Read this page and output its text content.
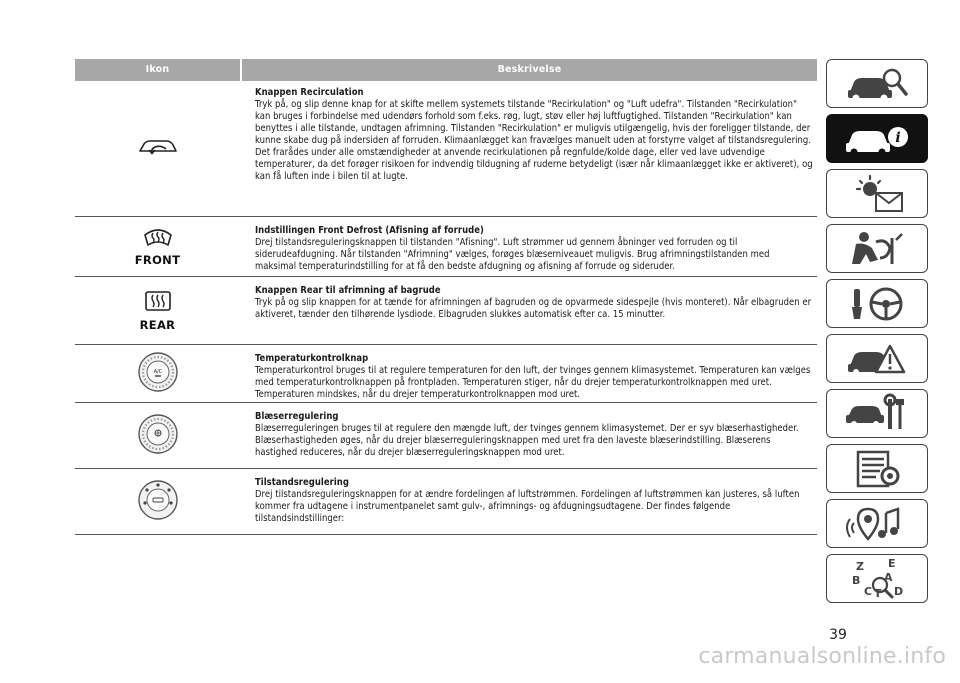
Ikon	Beskrivelse
Knappen Recirculation
Tryk på, og slip denne knap for at skifte mellem systemets tilstande "Recirkulation" og "Luft udefra". Tilstanden "Recirkulation" kan bruges i forbindelse med udendørs forhold som f.eks. røg, lugt, støv eller høj luftfugtighed. Tilstanden "Recirkulation" kan benyttes i alle tilstande, undtagen afrimning. Tilstanden "Recirkulation" er muligvis utilgængelig, hvis der foreligger tilstande, der kunne skabe dug på indersiden af forruden. Klimaanlægget kan fravælges manuelt uden at forstyrre valget af tilstandsregulering. Det frarådes under alle omstændigheder at anvende recirkulationen på regnfulde/kolde dage, eller ved lave udvendige temperaturer, da det forøger risikoen for indvendig tildugning af ruderne betydeligt (især når klimaanlægget ikke er aktiveret), og kan få luften inde i bilen til at lugte.
FRONT
Indstillingen Front Defrost (Afisning af forrude)
Drej tilstandsreguleringsknappen til tilstanden "Afisning". Luft strømmer ud gennem åbninger ved forruden og til siderudeafdugning. Når tilstanden "Afrimning" vælges, forøges blæserniveauet muligvis. Brug afrimningstilstanden med maksimal temperaturindstilling for at få den bedste afdugning og afisning af forrude og sideruder.
REAR
Knappen Rear til afrimning af bagrude
Tryk på og slip knappen for at tænde for afrimningen af bagruden og de opvarmede sidespejle (hvis monteret). Når elbagruden er aktiveret, tænder den tilhørende lysdiode. Elbagruden slukkes automatisk efter ca. 15 minutter.
A/C
Temperaturkontrolknap
Temperaturkontrol bruges til at regulere temperaturen for den luft, der tvinges gennem klimasystemet. Temperaturen kan vælges med temperaturkontrolknappen på frontpladen. Temperaturen stiger, når du drejer temperaturkontrolknappen med uret. Temperaturen mindskes, når du drejer temperaturkontrolknappen mod uret.
Blæserregulering
Blæserreguleringen bruges til at regulere den mængde luft, der tvinges gennem klimasystemet. Der er syv blæserhastigheder. Blæserhastigheden øges, når du drejer blæserreguleringsknappen med uret fra den laveste blæserindstilling. Blæserens hastighed reduceres, når du drejer blæserreguleringsknappen mod uret.
Tilstandsregulering
Drej tilstandsreguleringsknappen for at ændre fordelingen af luftstrømmen. Fordelingen af luftstrømmen kan justeres, så luften kommer fra udtagene i instrumentpanelet samt gulv-, afrimnings- og afdugningsudtagene. Der findes følgende tilstandsindstillinger:
i
Z E
B A
C T D
39
carmanualsonline.info
